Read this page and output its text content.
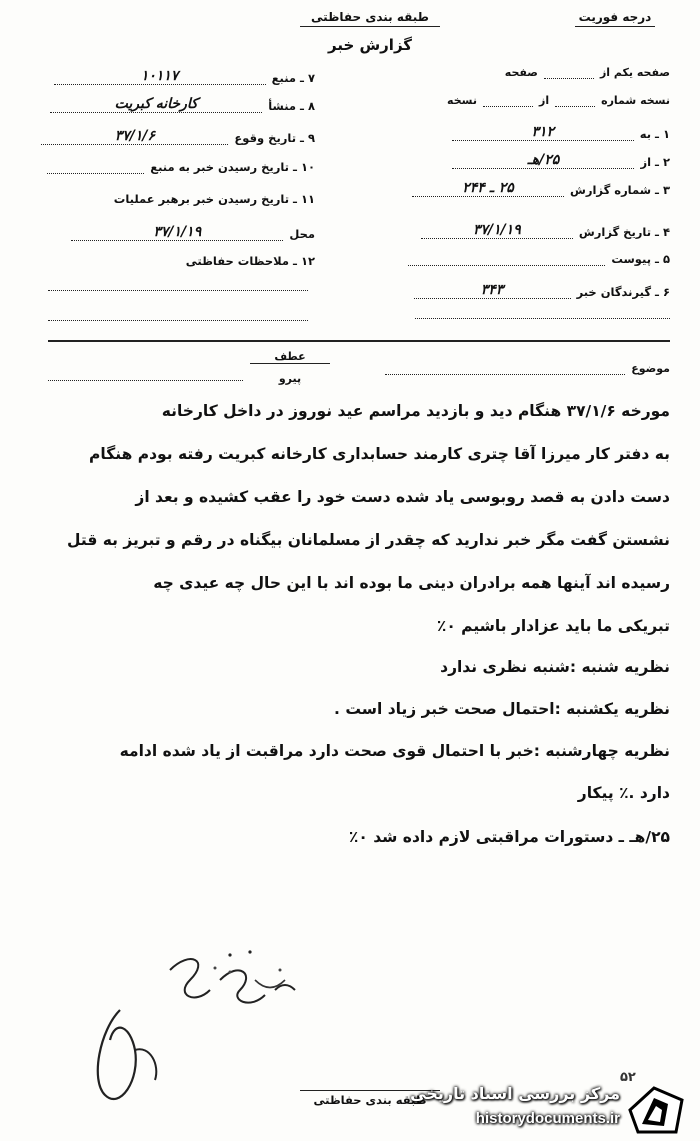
طبقه بندی حفاظتی
گزارش خبر
درجه فوریت
صفحه یکم از
صفحه
نسخه شماره
از
نسخه
۱ ـ به
۳۱۲
۲ ـ از
۲۵/هـ
۳ ـ شماره گزارش
۲۵ ـ ۲۴۴
۴ ـ تاریخ گزارش
۳۷/۱/۱۹
۵ ـ پیوست
۶ ـ گیرندگان خبر
۳۴۳
۷ ـ منبع
۱۰۱۱۷
۸ ـ منشأ
کارخانه کبریت
۹ ـ تاریخ وقوع
۳۷/۱/۶
۱۰ ـ تاریخ رسیدن خبر به منبع
۱۱ ـ تاریخ رسیدن خبر برهبر عملیات
محل
۳۷/۱/۱۹
۱۲ ـ ملاحظات حفاظتی
موضوع
عطف
پیرو
مورخه ۳۷/۱/۶ هنگام دید و بازدید مراسم عید نوروز در داخل کارخانه
به دفتر کار میرزا آقا چتری کارمند حسابداری کارخانه کبریت رفته بودم هنگام
دست دادن به قصد روبوسی یاد شده دست خود را عقب کشیده و بعد از
نشستن گفت مگر خبر ندارید که چقدر از مسلمانان بیگناه در رقم و تبریز به قتل
رسیده اند آینها همه برادران دینی ما بوده اند با این حال چه عیدی چه
تبریکی ما باید عزادار باشیم ۰٪
نظریه شنبه :شنبه نظری ندارد
نظریه یکشنبه :احتمال صحت خبر زیاد است .
نظریه چهارشنبه :خبر با احتمال قوی صحت دارد مراقبت از یاد شده ادامه
دارد .٪ پیکار
۲۵/هـ ـ دستورات مراقبتی لازم داده شد ۰٪
طبقه بندی حفاظتی
۵۲
مرکز بررسی اسناد تاریخی
historydocuments.ir
